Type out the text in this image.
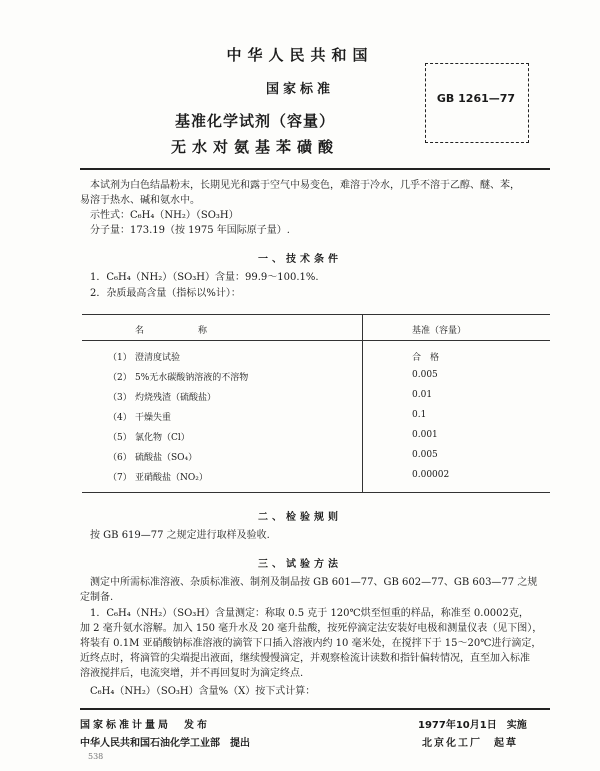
中华人民共和国
国家标准
基准化学试剂（容量）
无水对氨基苯磺酸
GB 1261—77
本试剂为白色结晶粉末，长期见光和露于空气中易变色，难溶于冷水，几乎不溶于乙醇、醚、苯，
易溶于热水、碱和氨水中。
示性式：C₆H₄（NH₂）（SO₃H）
分子量：173.19（按 1975 年国际原子量）.
一、技术条件
1．C₆H₄（NH₂）（SO₃H）含量：99.9～100.1%.
2．杂质最高含量（指标以%计）：
名　　　　　　称	基准（容量）
（1） 澄清度试验	合　格
（2） 5%无水碳酸钠溶液的不溶物	0.005
（3） 灼烧残渣（硫酸盐）	0.01
（4） 干燥失重	0.1
（5） 氯化物（Cl）	0.001
（6） 硫酸盐（SO₄）	0.005
（7） 亚硝酸盐（NO₂）	0.00002
二、检验规则
按 GB 619—77 之规定进行取样及验收.
三、试验方法
测定中所需标准溶液、杂质标准液、制剂及制品按 GB 601—77、GB 602—77、GB 603—77 之规
定制备.
1．C₆H₄（NH₂）（SO₃H）含量测定：称取 0.5 克于 120℃烘至恒重的样品，称准至 0.0002克，
加 2 毫升氨水溶解。加入 150 毫升水及 20 毫升盐酸，按死停滴定法安装好电极和测量仪表（见下图），
将装有 0.1M 亚硝酸钠标准溶液的滴管下口插入溶液内约 10 毫米处，在搅拌下于 15～20℃进行滴定，
近终点时，将滴管的尖端提出液面，继续慢慢滴定，并观察检流计读数和指针偏转情况，直至加入标准
溶液搅拌后，电流突增，并不再回复时为滴定终点.
C₆H₄（NH₂）（SO₃H）含量%（X）按下式计算：
国家标准计量局　发布
中华人民共和国石油化学工业部　提出
1977年10月1日　实施
北京化工厂　起草
538
